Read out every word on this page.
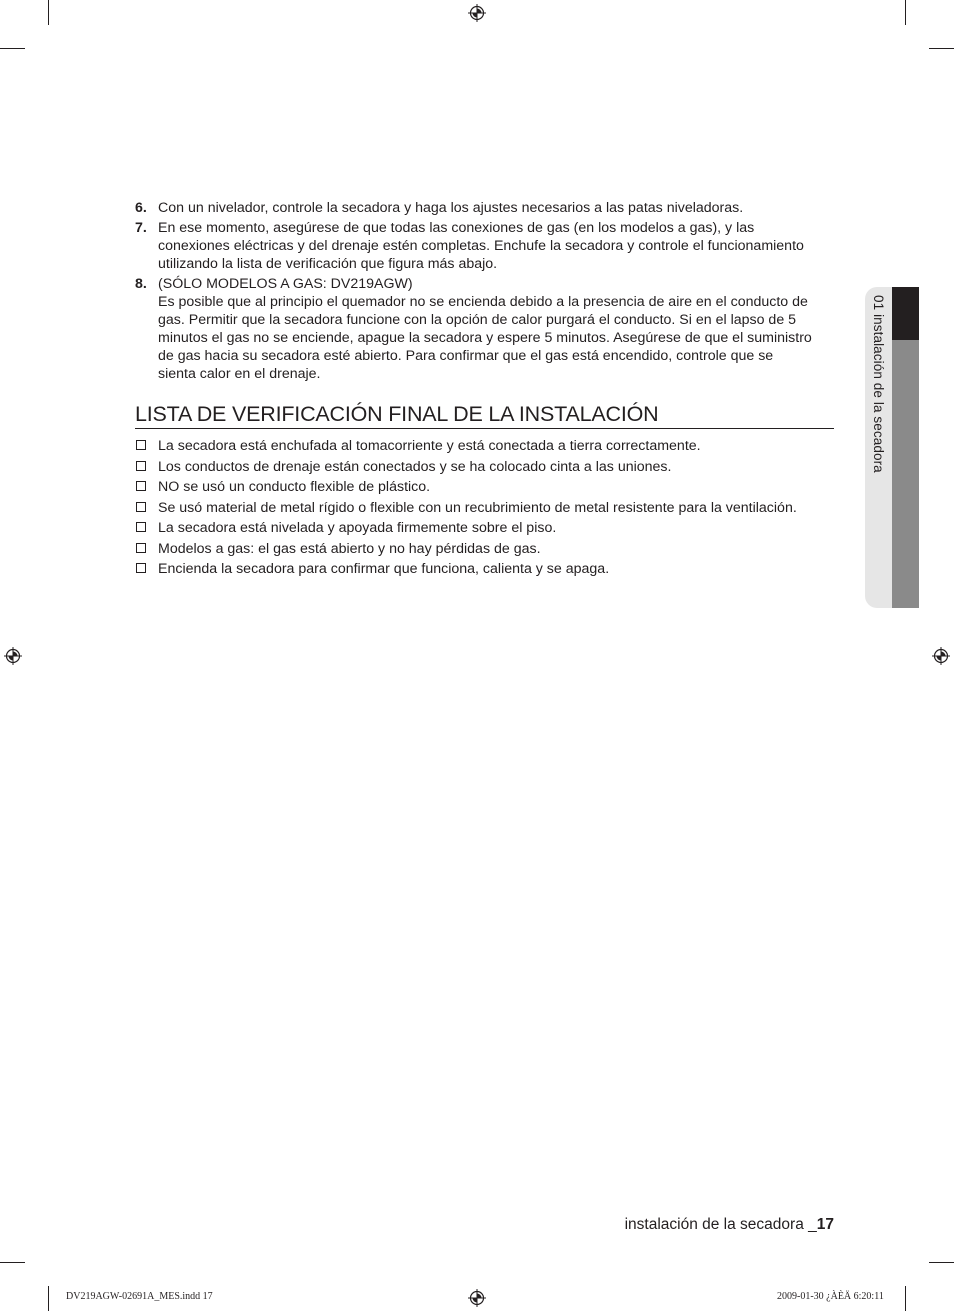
6. Con un nivelador, controle la secadora y haga los ajustes necesarios a las patas niveladoras.
7. En ese momento, asegúrese de que todas las conexiones de gas (en los modelos a gas), y las
conexiones eléctricas y del drenaje estén completas. Enchufe la secadora y controle el funcionamiento
utilizando la lista de verificación que figura más abajo.
8. (SÓLO MODELOS A GAS: DV219AGW)
Es posible que al principio el quemador no se encienda debido a la presencia de aire en el conducto de
gas. Permitir que la secadora funcione con la opción de calor purgará el conducto. Si en el lapso de 5
minutos el gas no se enciende, apague la secadora y espere 5 minutos. Asegúrese de que el suministro
de gas hacia su secadora esté abierto. Para confirmar que el gas está encendido, controle que se
sienta calor en el drenaje.
LISTA DE VERIFICACIÓN FINAL DE LA INSTALACIÓN
La secadora está enchufada al tomacorriente y está conectada a tierra correctamente.
Los conductos de drenaje están conectados y se ha colocado cinta a las uniones.
NO se usó un conducto flexible de plástico.
Se usó material de metal rígido o flexible con un recubrimiento de metal resistente para la ventilación.
La secadora está nivelada y apoyada firmemente sobre el piso.
Modelos a gas: el gas está abierto y no hay pérdidas de gas.
Encienda la secadora para confirmar que funciona, calienta y se apaga.
01 instalación de la secadora
instalación de la secadora _17
DV219AGW-02691A_MES.indd 17	2009-01-30 ¿ÀÈÄ 6:20:11
